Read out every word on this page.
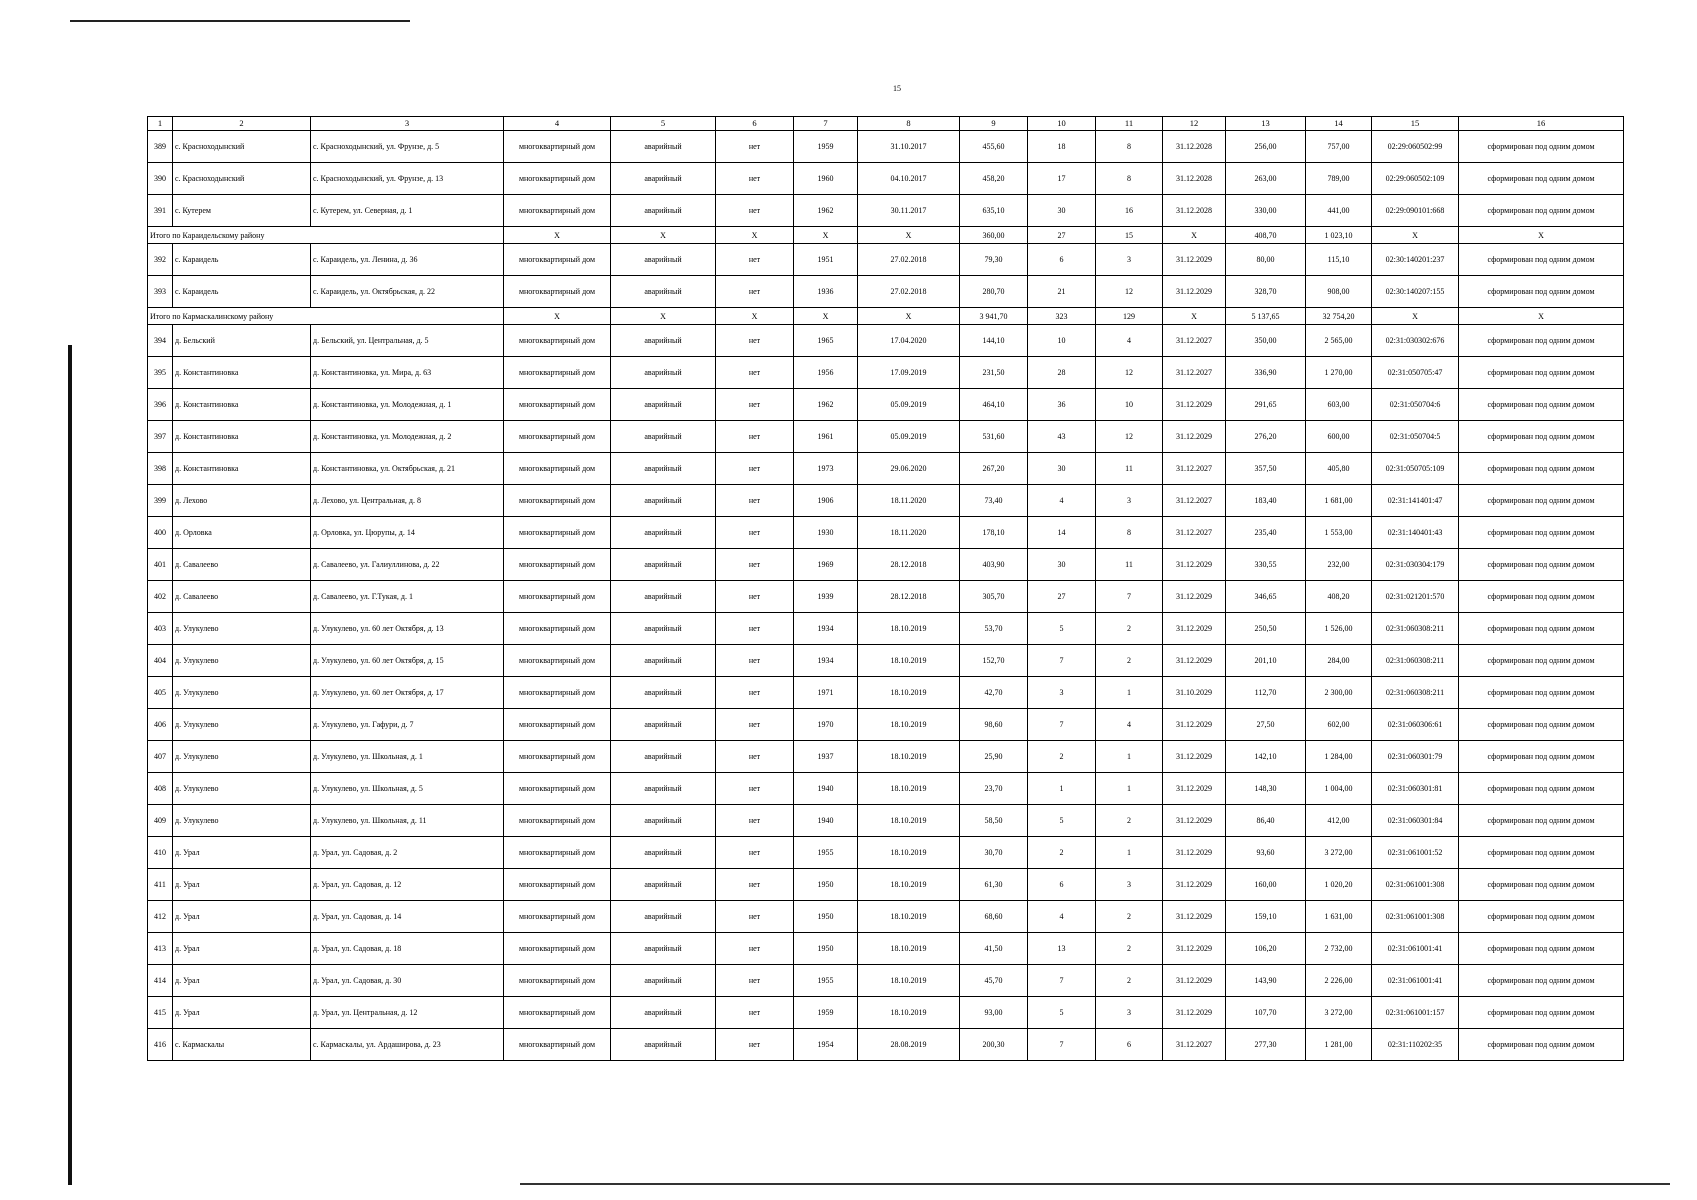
15
1	2	3	4	5	6	7	8	9	10	11	12	13	14	15	16
389	с. Красноходынский	с. Красноходынский, ул. Фрунзе, д. 5	многоквартирный дом	аварийный	нет	1959	31.10.2017	455,60	18	8	31.12.2028	256,00	757,00	02:29:060502:99	сформирован под одним домом
390	с. Красноходынский	с. Красноходынский, ул. Фрунзе, д. 13	многоквартирный дом	аварийный	нет	1960	04.10.2017	458,20	17	8	31.12.2028	263,00	789,00	02:29:060502:109	сформирован под одним домом
391	с. Кутерем	с. Кутерем, ул. Северная, д. 1	многоквартирный дом	аварийный	нет	1962	30.11.2017	635,10	30	16	31.12.2028	330,00	441,00	02:29:090101:668	сформирован под одним домом
Итого по Караидельскому району			X	X	X	X	X	360,00	27	15	X	408,70	1 023,10	X	X
392	с. Караидель	с. Караидель, ул. Ленина, д. 36	многоквартирный дом	аварийный	нет	1951	27.02.2018	79,30	6	3	31.12.2029	80,00	115,10	02:30:140201:237	сформирован под одним домом
393	с. Караидель	с. Караидель, ул. Октябрьская, д. 22	многоквартирный дом	аварийный	нет	1936	27.02.2018	280,70	21	12	31.12.2029	328,70	908,00	02:30:140207:155	сформирован под одним домом
Итого по Кармаскалинскому району			X	X	X	X	X	3 941,70	323	129	X	5 137,65	32 754,20	X	X
394	д. Бельский	д. Бельский, ул. Центральная, д. 5	многоквартирный дом	аварийный	нет	1965	17.04.2020	144,10	10	4	31.12.2027	350,00	2 565,00	02:31:030302:676	сформирован под одним домом
395	д. Константиновка	д. Константиновка, ул. Мира, д. 63	многоквартирный дом	аварийный	нет	1956	17.09.2019	231,50	28	12	31.12.2027	336,90	1 270,00	02:31:050705:47	сформирован под одним домом
396	д. Константиновка	д. Константиновка, ул. Молодежная, д. 1	многоквартирный дом	аварийный	нет	1962	05.09.2019	464,10	36	10	31.12.2029	291,65	603,00	02:31:050704:6	сформирован под одним домом
397	д. Константиновка	д. Константиновка, ул. Молодежная, д. 2	многоквартирный дом	аварийный	нет	1961	05.09.2019	531,60	43	12	31.12.2029	276,20	600,00	02:31:050704:5	сформирован под одним домом
398	д. Константиновка	д. Константиновка, ул. Октябрьская, д. 21	многоквартирный дом	аварийный	нет	1973	29.06.2020	267,20	30	11	31.12.2027	357,50	405,80	02:31:050705:109	сформирован под одним домом
399	д. Лехово	д. Лехово, ул. Центральная, д. 8	многоквартирный дом	аварийный	нет	1906	18.11.2020	73,40	4	3	31.12.2027	183,40	1 681,00	02:31:141401:47	сформирован под одним домом
400	д. Орловка	д. Орловка, ул. Цюрупы, д. 14	многоквартирный дом	аварийный	нет	1930	18.11.2020	178,10	14	8	31.12.2027	235,40	1 553,00	02:31:140401:43	сформирован под одним домом
401	д. Савалеево	д. Савалеево, ул. Галиуллинова, д. 22	многоквартирный дом	аварийный	нет	1969	28.12.2018	403,90	30	11	31.12.2029	330,55	232,00	02:31:030304:179	сформирован под одним домом
402	д. Савалеево	д. Савалеево, ул. Г.Тукая, д. 1	многоквартирный дом	аварийный	нет	1939	28.12.2018	305,70	27	7	31.12.2029	346,65	408,20	02:31:021201:570	сформирован под одним домом
403	д. Улукулево	д. Улукулево, ул. 60 лет Октября, д. 13	многоквартирный дом	аварийный	нет	1934	18.10.2019	53,70	5	2	31.12.2029	250,50	1 526,00	02:31:060308:211	сформирован под одним домом
404	д. Улукулево	д. Улукулево, ул. 60 лет Октября, д. 15	многоквартирный дом	аварийный	нет	1934	18.10.2019	152,70	7	2	31.12.2029	201,10	284,00	02:31:060308:211	сформирован под одним домом
405	д. Улукулево	д. Улукулево, ул. 60 лет Октября, д. 17	многоквартирный дом	аварийный	нет	1971	18.10.2019	42,70	3	1	31.10.2029	112,70	2 300,00	02:31:060308:211	сформирован под одним домом
406	д. Улукулево	д. Улукулево, ул. Гафури, д. 7	многоквартирный дом	аварийный	нет	1970	18.10.2019	98,60	7	4	31.12.2029	27,50	602,00	02:31:060306:61	сформирован под одним домом
407	д. Улукулево	д. Улукулево, ул. Школьная, д. 1	многоквартирный дом	аварийный	нет	1937	18.10.2019	25,90	2	1	31.12.2029	142,10	1 284,00	02:31:060301:79	сформирован под одним домом
408	д. Улукулево	д. Улукулево, ул. Школьная, д. 5	многоквартирный дом	аварийный	нет	1940	18.10.2019	23,70	1	1	31.12.2029	148,30	1 004,00	02:31:060301:81	сформирован под одним домом
409	д. Улукулево	д. Улукулево, ул. Школьная, д. 11	многоквартирный дом	аварийный	нет	1940	18.10.2019	58,50	5	2	31.12.2029	86,40	412,00	02:31:060301:84	сформирован под одним домом
410	д. Урал	д. Урал, ул. Садовая, д. 2	многоквартирный дом	аварийный	нет	1955	18.10.2019	30,70	2	1	31.12.2029	93,60	3 272,00	02:31:061001:52	сформирован под одним домом
411	д. Урал	д. Урал, ул. Садовая, д. 12	многоквартирный дом	аварийный	нет	1950	18.10.2019	61,30	6	3	31.12.2029	160,00	1 020,20	02:31:061001:308	сформирован под одним домом
412	д. Урал	д. Урал, ул. Садовая, д. 14	многоквартирный дом	аварийный	нет	1950	18.10.2019	68,60	4	2	31.12.2029	159,10	1 631,00	02:31:061001:308	сформирован под одним домом
413	д. Урал	д. Урал, ул. Садовая, д. 18	многоквартирный дом	аварийный	нет	1950	18.10.2019	41,50	13	2	31.12.2029	106,20	2 732,00	02:31:061001:41	сформирован под одним домом
414	д. Урал	д. Урал, ул. Садовая, д. 30	многоквартирный дом	аварийный	нет	1955	18.10.2019	45,70	7	2	31.12.2029	143,90	2 226,00	02:31:061001:41	сформирован под одним домом
415	д. Урал	д. Урал, ул. Центральная, д. 12	многоквартирный дом	аварийный	нет	1959	18.10.2019	93,00	5	3	31.12.2029	107,70	3 272,00	02:31:061001:157	сформирован под одним домом
416	с. Кармаскалы	с. Кармаскалы, ул. Ардаширова, д. 23	многоквартирный дом	аварийный	нет	1954	28.08.2019	200,30	7	6	31.12.2027	277,30	1 281,00	02:31:110202:35	сформирован под одним домом
